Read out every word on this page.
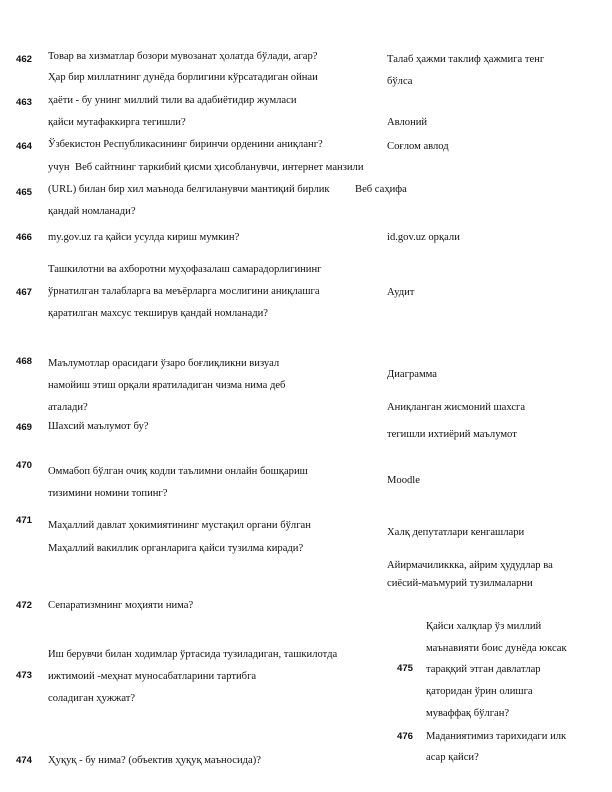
462
463
464
465
466
467
468
469
470
471
472
473
474
475
476
Товар ва хизматлар бозори мувозанат ҳолатда бўлади, агар?
Ҳар бир миллатнинг дунёда борлигини кўрсатадиган ойнаи
ҳаёти - бу унинг миллий тили ва адабиётидир жумласи
қайси мутафаккирга тегишли?
Ўзбекистон Республикасининг биринчи орденини аниқланг?
учун Веб сайтнинг таркибий қисми ҳисобланувчи, интернет манзили
(URL) билан бир хил маънода белгиланувчи мантиқий бирлик
қандай номланади?
my.gov.uz га қайси усулда кириш мумкин?
Ташкилотни ва ахборотни муҳофазалаш самарадорлигининг
ўрнатилган талабларга ва меъёрларга мослигини аниқлашга
қаратилган махсус текширув қандай номланади?
Маълумотлар орасидаги ўзаро боғлиқликни визуал
намойиш этиш орқали яратиладиган чизма нима деб
аталади?
Шахсий маълумот бу?
Оммабоп бўлган очиқ кодли таълимни онлайн бошқариш
тизимини номини топинг?
Маҳаллий давлат ҳокимиятининг мустақил органи бўлган
Маҳаллий вакиллик органларига қайси тузилма киради?
Сепаратизмнинг моҳияти нима?
Иш берувчи билан ходимлар ўртасида тузиладиган, ташкилотда
ижтимоий -меҳнат муносабатларини тартибга
соладиган ҳужжат?
Ҳуқуқ - бу нима? (объектив ҳуқуқ маъносида)?
Талаб ҳажми таклиф ҳажмига тенг
бўлса
Авлоний
Соғлом авлод
Веб саҳифа
id.gov.uz орқали
Аудит
Диаграмма
Аниқланган жисмоний шахсга
тегишли ихтиёрий маълумот
Moodle
Халқ депутатлари кенгашлари
Айирмачиликкка, айрим ҳудудлар ва
сиёсий-маъмурий тузилмаларни
Қайси халқлар ўз миллий
маънавияти боис дунёда юксак
тараққий этган давлатлар
қаторидан ўрин олишга
муваффақ бўлган?
Маданиятимиз тарихидаги илк
асар қайси?
